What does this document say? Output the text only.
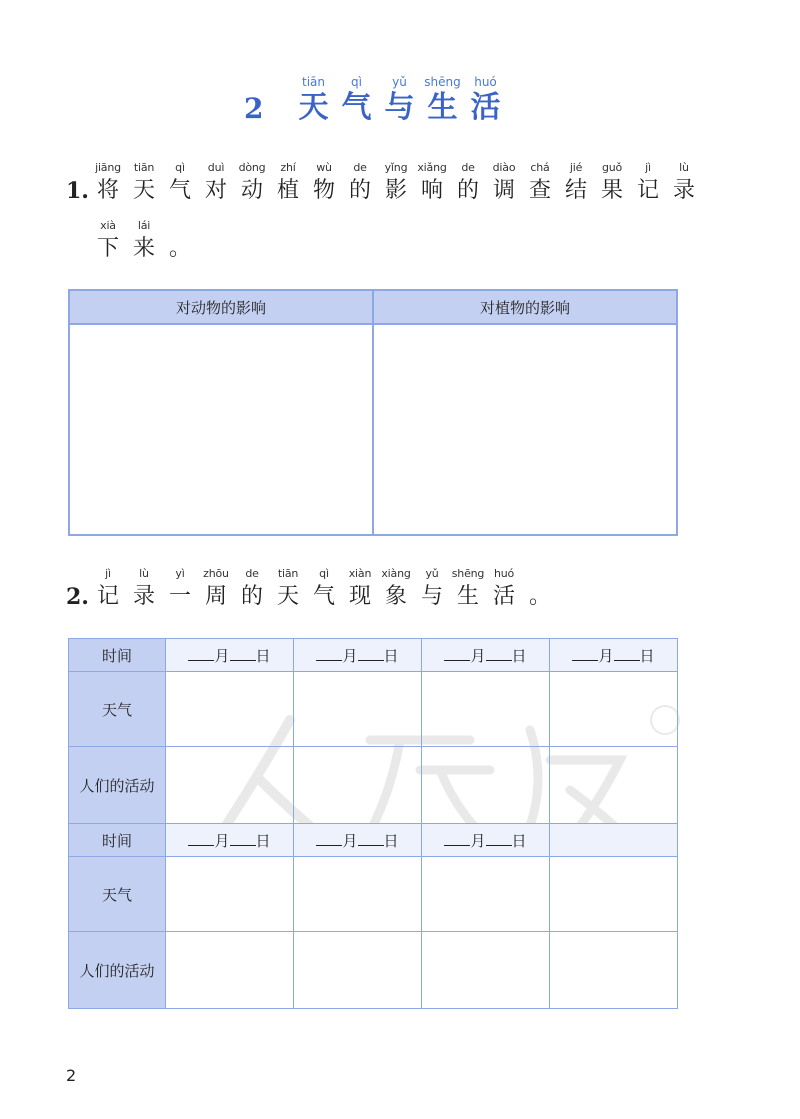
2
tiān
天
qì
气
yǔ
与
shēng
生
huó
活
1.
jiāng
将
tiān
天
qì
气
duì
对
dòng
动
zhí
植
wù
物
de
的
yǐng
影
xiǎng
响
de
的
diào
调
chá
查
jié
结
guǒ
果
jì
记
lù
录
xià
下
lái
来 。
对动物的影响	对植物的影响
2.
jì
记
lù
录
yì
一
zhōu
周
de
的
tiān
天
qì
气
xiàn
现
xiàng
象
yǔ
与
shēng
生
huó
活 。
时间	月 日	月 日	月 日	月 日
天气				
人们的活动				
时间	月 日	月 日	月 日	
天气				
人们的活动				
2
